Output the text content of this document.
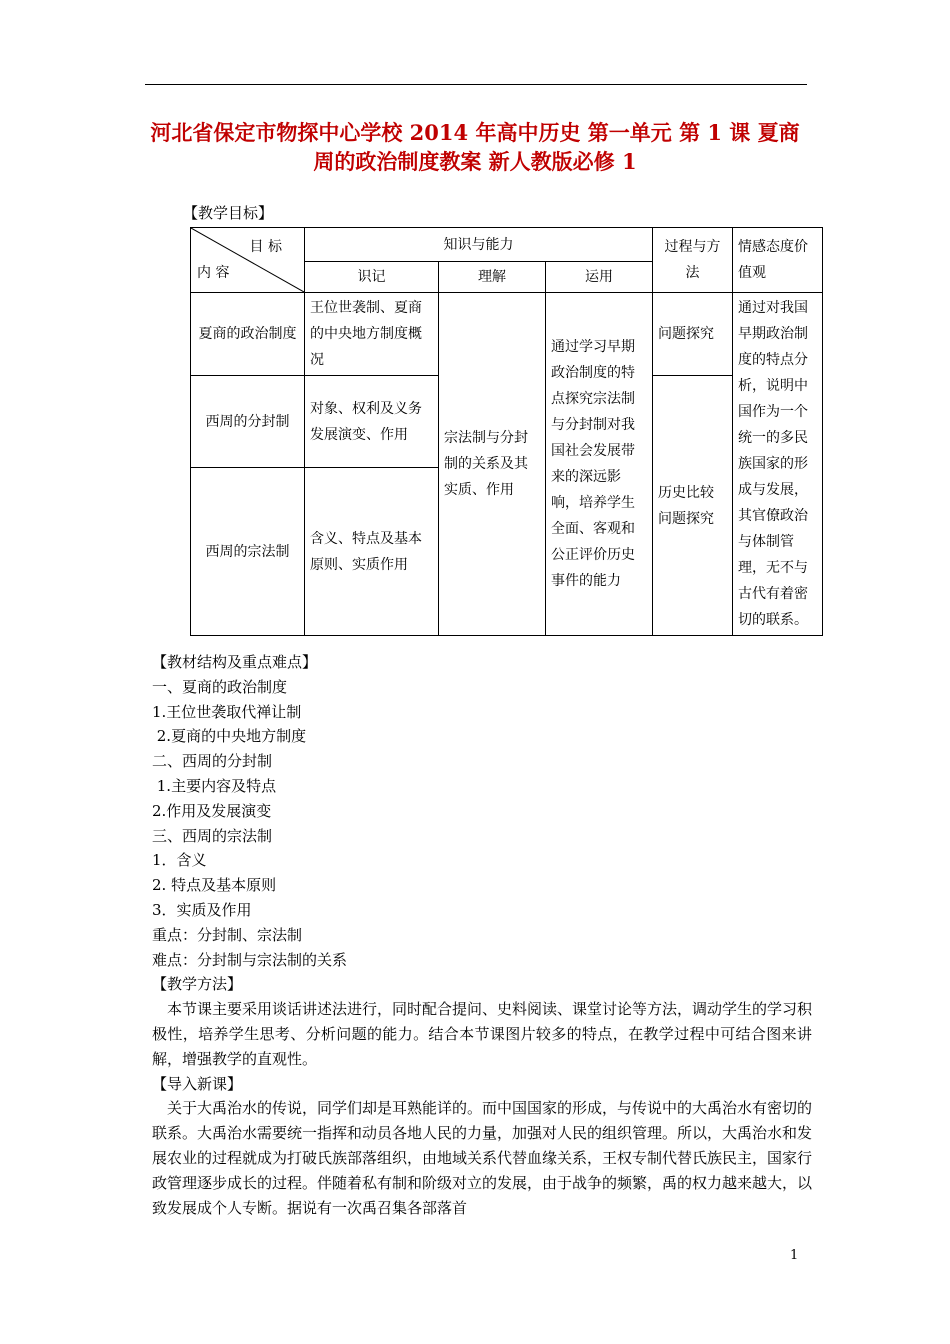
河北省保定市物探中心学校 2014 年高中历史 第一单元 第 1 课 夏商
周的政治制度教案 新人教版必修 1
【教学目标】
目 标
内 容	知识与能力			过程与方法	情感态度价值观
	识记	理解	运用		
夏商的政治制度	王位世袭制、夏商的中央地方制度概况	宗法制与分封制的关系及其实质、作用	通过学习早期政治制度的特点探究宗法制与分封制对我国社会发展带来的深远影响，培养学生全面、客观和公正评价历史事件的能力	问题探究	通过对我国早期政治制度的特点分析，说明中国作为一个统一的多民族国家的形成与发展，其官僚政治与体制管理，无不与古代有着密切的联系。
西周的分封制	对象、权利及义务发展演变、作用			历史比较问题探究	
西周的宗法制	含义、特点及基本原则、实质作用				

【教材结构及重点难点】

一、夏商的政治制度

1.王位世袭取代禅让制

2.夏商的中央地方制度

二、西周的分封制

1.主要内容及特点

2.作用及发展演变

三、西周的宗法制

1．含义

2. 特点及基本原则

3．实质及作用

重点：分封制、宗法制

难点：分封制与宗法制的关系

【教学方法】

本节课主要采用谈话讲述法进行，同时配合提问、史料阅读、课堂讨论等方法，调动学生的学习积极性，培养学生思考、分析问题的能力。结合本节课图片较多的特点，在教学过程中可结合图来讲解，增强教学的直观性。

【导入新课】

关于大禹治水的传说，同学们却是耳熟能详的。而中国国家的形成，与传说中的大禹治水有密切的联系。大禹治水需要统一指挥和动员各地人民的力量，加强对人民的组织管理。所以，大禹治水和发展农业的过程就成为打破氏族部落组织，由地域关系代替血缘关系，王权专制代替氏族民主，国家行政管理逐步成长的过程。伴随着私有制和阶级对立的发展，由于战争的频繁，禹的权力越来越大，以致发展成个人专断。据说有一次禹召集各部落首

1
